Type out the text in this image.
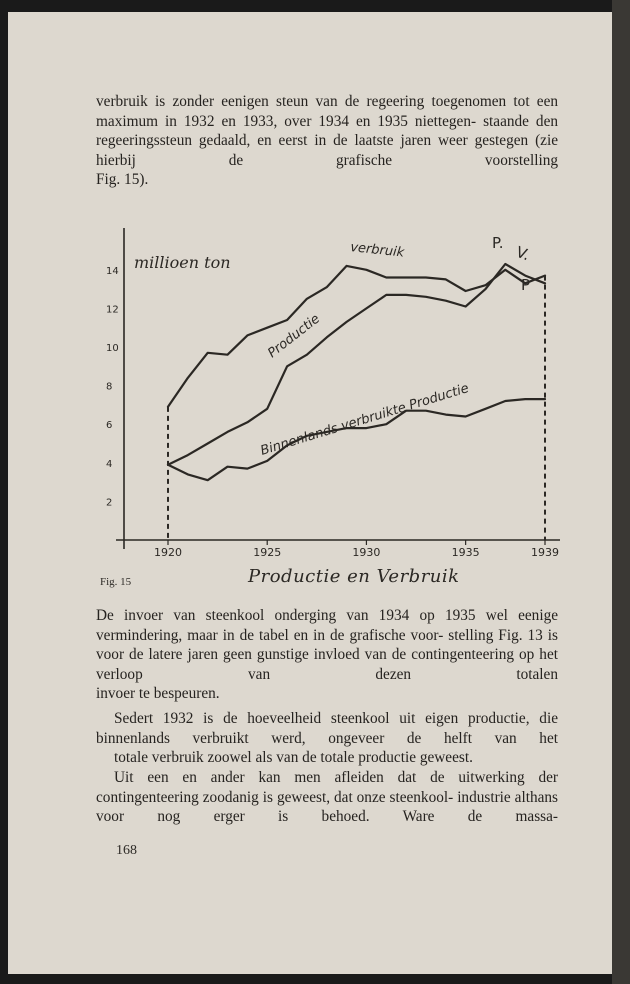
verbruik is zonder eenigen steun van de regeering toegenomen tot een maximum in 1932 en 1933, over 1934 en 1935 niettegen- staande den regeeringssteun gedaald, en eerst in de laatste jaren weer gestegen (zie hierbij de grafische voorstelling
Fig. 15).

1920	1925	1930	1935	1939
2
4
6
8
10
12
14 millioen ton
verbruik
Productie
Binnenlands verbruikte Productie
P. V.
P
Fig. 15	Productie en Verbruik

De invoer van steenkool onderging van 1934 op 1935 wel eenige vermindering, maar in de tabel en in de grafische voor- stelling Fig. 13 is voor de latere jaren geen gunstige invloed van de contingenteering op het verloop van dezen totalen
invoer te bespeuren.

Sedert 1932 is de hoeveelheid steenkool uit eigen productie, die binnenlands verbruikt werd, ongeveer de helft van het
totale verbruik zoowel als van de totale productie geweest.

Uit een en ander kan men afleiden dat de uitwerking der contingenteering zoodanig is geweest, dat onze steenkool- industrie althans voor nog erger is behoed. Ware de massa-

168
